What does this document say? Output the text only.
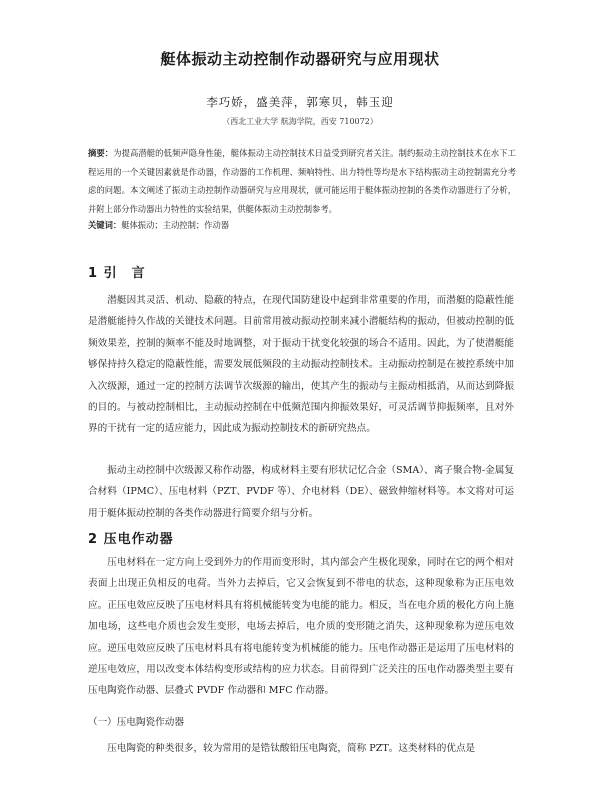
艇体振动主动控制作动器研究与应用现状
李巧娇，盛美萍，郭寒贝，韩玉迎
（西北工业大学 航海学院，西安 710072）
摘要：为提高潜艇的低频声隐身性能，艇体振动主动控制技术日益受到研究者关注。制约振动主动控制技术在水下工程运用的一个关键因素就是作动器，作动器的工作机理、频响特性、出力特性等均是水下结构振动主动控制需充分考虑的问题。本文阐述了振动主动控制作动器研究与应用现状，就可能运用于艇体振动控制的各类作动器进行了分析，并附上部分作动器出力特性的实验结果，供艇体振动主动控制参考。
关键词：艇体振动；主动控制；作动器
1 引　言
潜艇因其灵活、机动、隐蔽的特点，在现代国防建设中起到非常重要的作用，而潜艇的隐蔽性能是潜艇能持久作战的关键技术问题。目前常用被动振动控制来减小潜艇结构的振动，但被动控制的低频效果差，控制的频率不能及时地调整，对于振动干扰变化较强的场合不适用。因此，为了使潜艇能够保持持久稳定的隐蔽性能，需要发展低频段的主动振动控制技术。主动振动控制是在被控系统中加入次级源，通过一定的控制方法调节次级源的输出，使其产生的振动与主振动相抵消，从而达到降振的目的。与被动控制相比，主动振动控制在中低频范围内抑振效果好，可灵活调节抑振频率，且对外界的干扰有一定的适应能力，因此成为振动控制技术的新研究热点。
振动主动控制中次级源又称作动器，构成材料主要有形状记忆合金（SMA）、离子聚合物-金属复合材料（IPMC）、压电材料（PZT、PVDF 等）、介电材料（DE）、磁致伸缩材料等。本文将对可运用于艇体振动控制的各类作动器进行简要介绍与分析。
2 压电作动器
压电材料在一定方向上受到外力的作用而变形时，其内部会产生极化现象，同时在它的两个相对表面上出现正负相反的电荷。当外力去掉后，它又会恢复到不带电的状态，这种现象称为正压电效应。正压电效应反映了压电材料具有将机械能转变为电能的能力。相反，当在电介质的极化方向上施加电场，这些电介质也会发生变形，电场去掉后，电介质的变形随之消失，这种现象称为逆压电效应。逆压电效应反映了压电材料具有将电能转变为机械能的能力。压电作动器正是运用了压电材料的逆压电效应，用以改变本体结构变形或结构的应力状态。目前得到广泛关注的压电作动器类型主要有压电陶瓷作动器、层叠式 PVDF 作动器和 MFC 作动器。
（一）压电陶瓷作动器
压电陶瓷的种类很多，较为常用的是锆钛酸铅压电陶瓷，简称 PZT。这类材料的优点是
